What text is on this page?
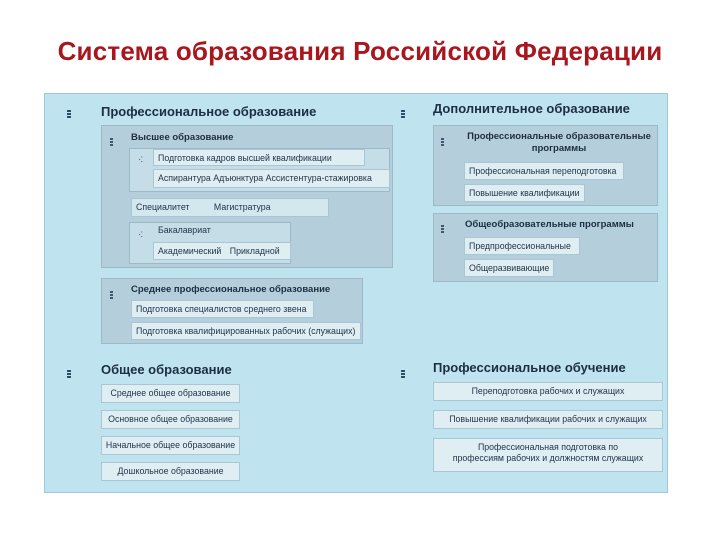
Система образования Российской Федерации
Профессиональное образование
Высшее образование
·:	Подготовка кадров высшей квалификации
Аспирантура Адъюнктура Ассистентура-стажировка
Специалитет	Магистратура
·: Бакалавриат
Академический Прикладной
Среднее профессиональное образование
Подготовка специалистов среднего звена
Подготовка квалифицированных рабочих (служащих)
Дополнительное образование
Профессиональные образовательные
программы
Профессиональная переподготовка
Повышение квалификации
Общеобразовательные программы
Предпрофессиональные
Общеразвивающие
Общее образование
Среднее общее образование
Основное общее образование
Начальное общее образование
Дошкольное образование
Профессиональное обучение
Переподготовка рабочих и служащих
Повышение квалификации рабочих и служащих
Профессиональная подготовка по
профессиям рабочих и должностям служащих
